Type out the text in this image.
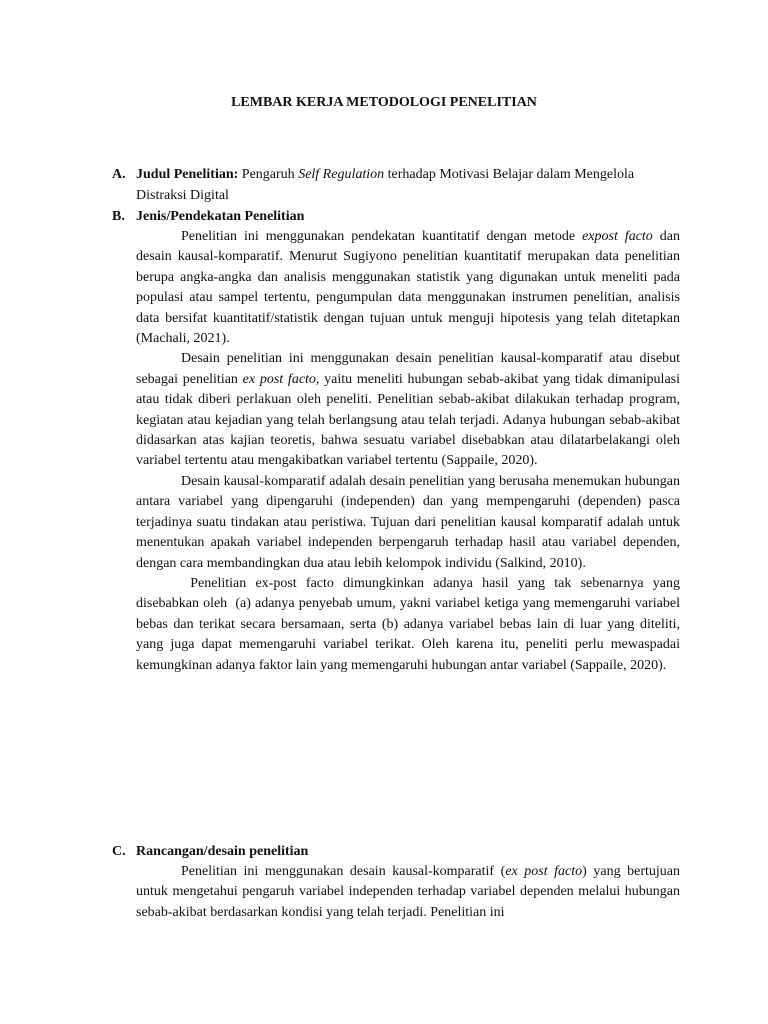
LEMBAR KERJA METODOLOGI PENELITIAN
A. Judul Penelitian: Pengaruh Self Regulation terhadap Motivasi Belajar dalam Mengelola Distraksi Digital
B. Jenis/Pendekatan Penelitian

Penelitian ini menggunakan pendekatan kuantitatif dengan metode expost facto dan desain kausal-komparatif. Menurut Sugiyono penelitian kuantitatif merupakan data penelitian berupa angka-angka dan analisis menggunakan statistik yang digunakan untuk meneliti pada populasi atau sampel tertentu, pengumpulan data menggunakan instrumen penelitian, analisis data bersifat kuantitatif/statistik dengan tujuan untuk menguji hipotesis yang telah ditetapkan (Machali, 2021).

Desain penelitian ini menggunakan desain penelitian kausal-komparatif atau disebut sebagai penelitian ex post facto, yaitu meneliti hubungan sebab-akibat yang tidak dimanipulasi atau tidak diberi perlakuan oleh peneliti. Penelitian sebab-akibat dilakukan terhadap program, kegiatan atau kejadian yang telah berlangsung atau telah terjadi. Adanya hubungan sebab-akibat didasarkan atas kajian teoretis, bahwa sesuatu variabel disebabkan atau dilatarbelakangi oleh variabel tertentu atau mengakibatkan variabel tertentu (Sappaile, 2020).

Desain kausal-komparatif adalah desain penelitian yang berusaha menemukan hubungan antara variabel yang dipengaruhi (independen) dan yang mempengaruhi (dependen) pasca terjadinya suatu tindakan atau peristiwa. Tujuan dari penelitian kausal komparatif adalah untuk menentukan apakah variabel independen berpengaruh terhadap hasil atau variabel dependen, dengan cara membandingkan dua atau lebih kelompok individu (Salkind, 2010).

Penelitian ex-post facto dimungkinkan adanya hasil yang tak sebenarnya yang disebabkan oleh  (a) adanya penyebab umum, yakni variabel ketiga yang memengaruhi variabel bebas dan terikat secara bersamaan, serta (b) adanya variabel bebas lain di luar yang diteliti, yang juga dapat memengaruhi variabel terikat. Oleh karena itu, peneliti perlu mewaspadai kemungkinan adanya faktor lain yang memengaruhi hubungan antar variabel (Sappaile, 2020).

C. Rancangan/desain penelitian

Penelitian ini menggunakan desain kausal-komparatif (ex post facto) yang bertujuan untuk mengetahui pengaruh variabel independen terhadap variabel dependen melalui hubungan sebab-akibat berdasarkan kondisi yang telah terjadi. Penelitian ini
